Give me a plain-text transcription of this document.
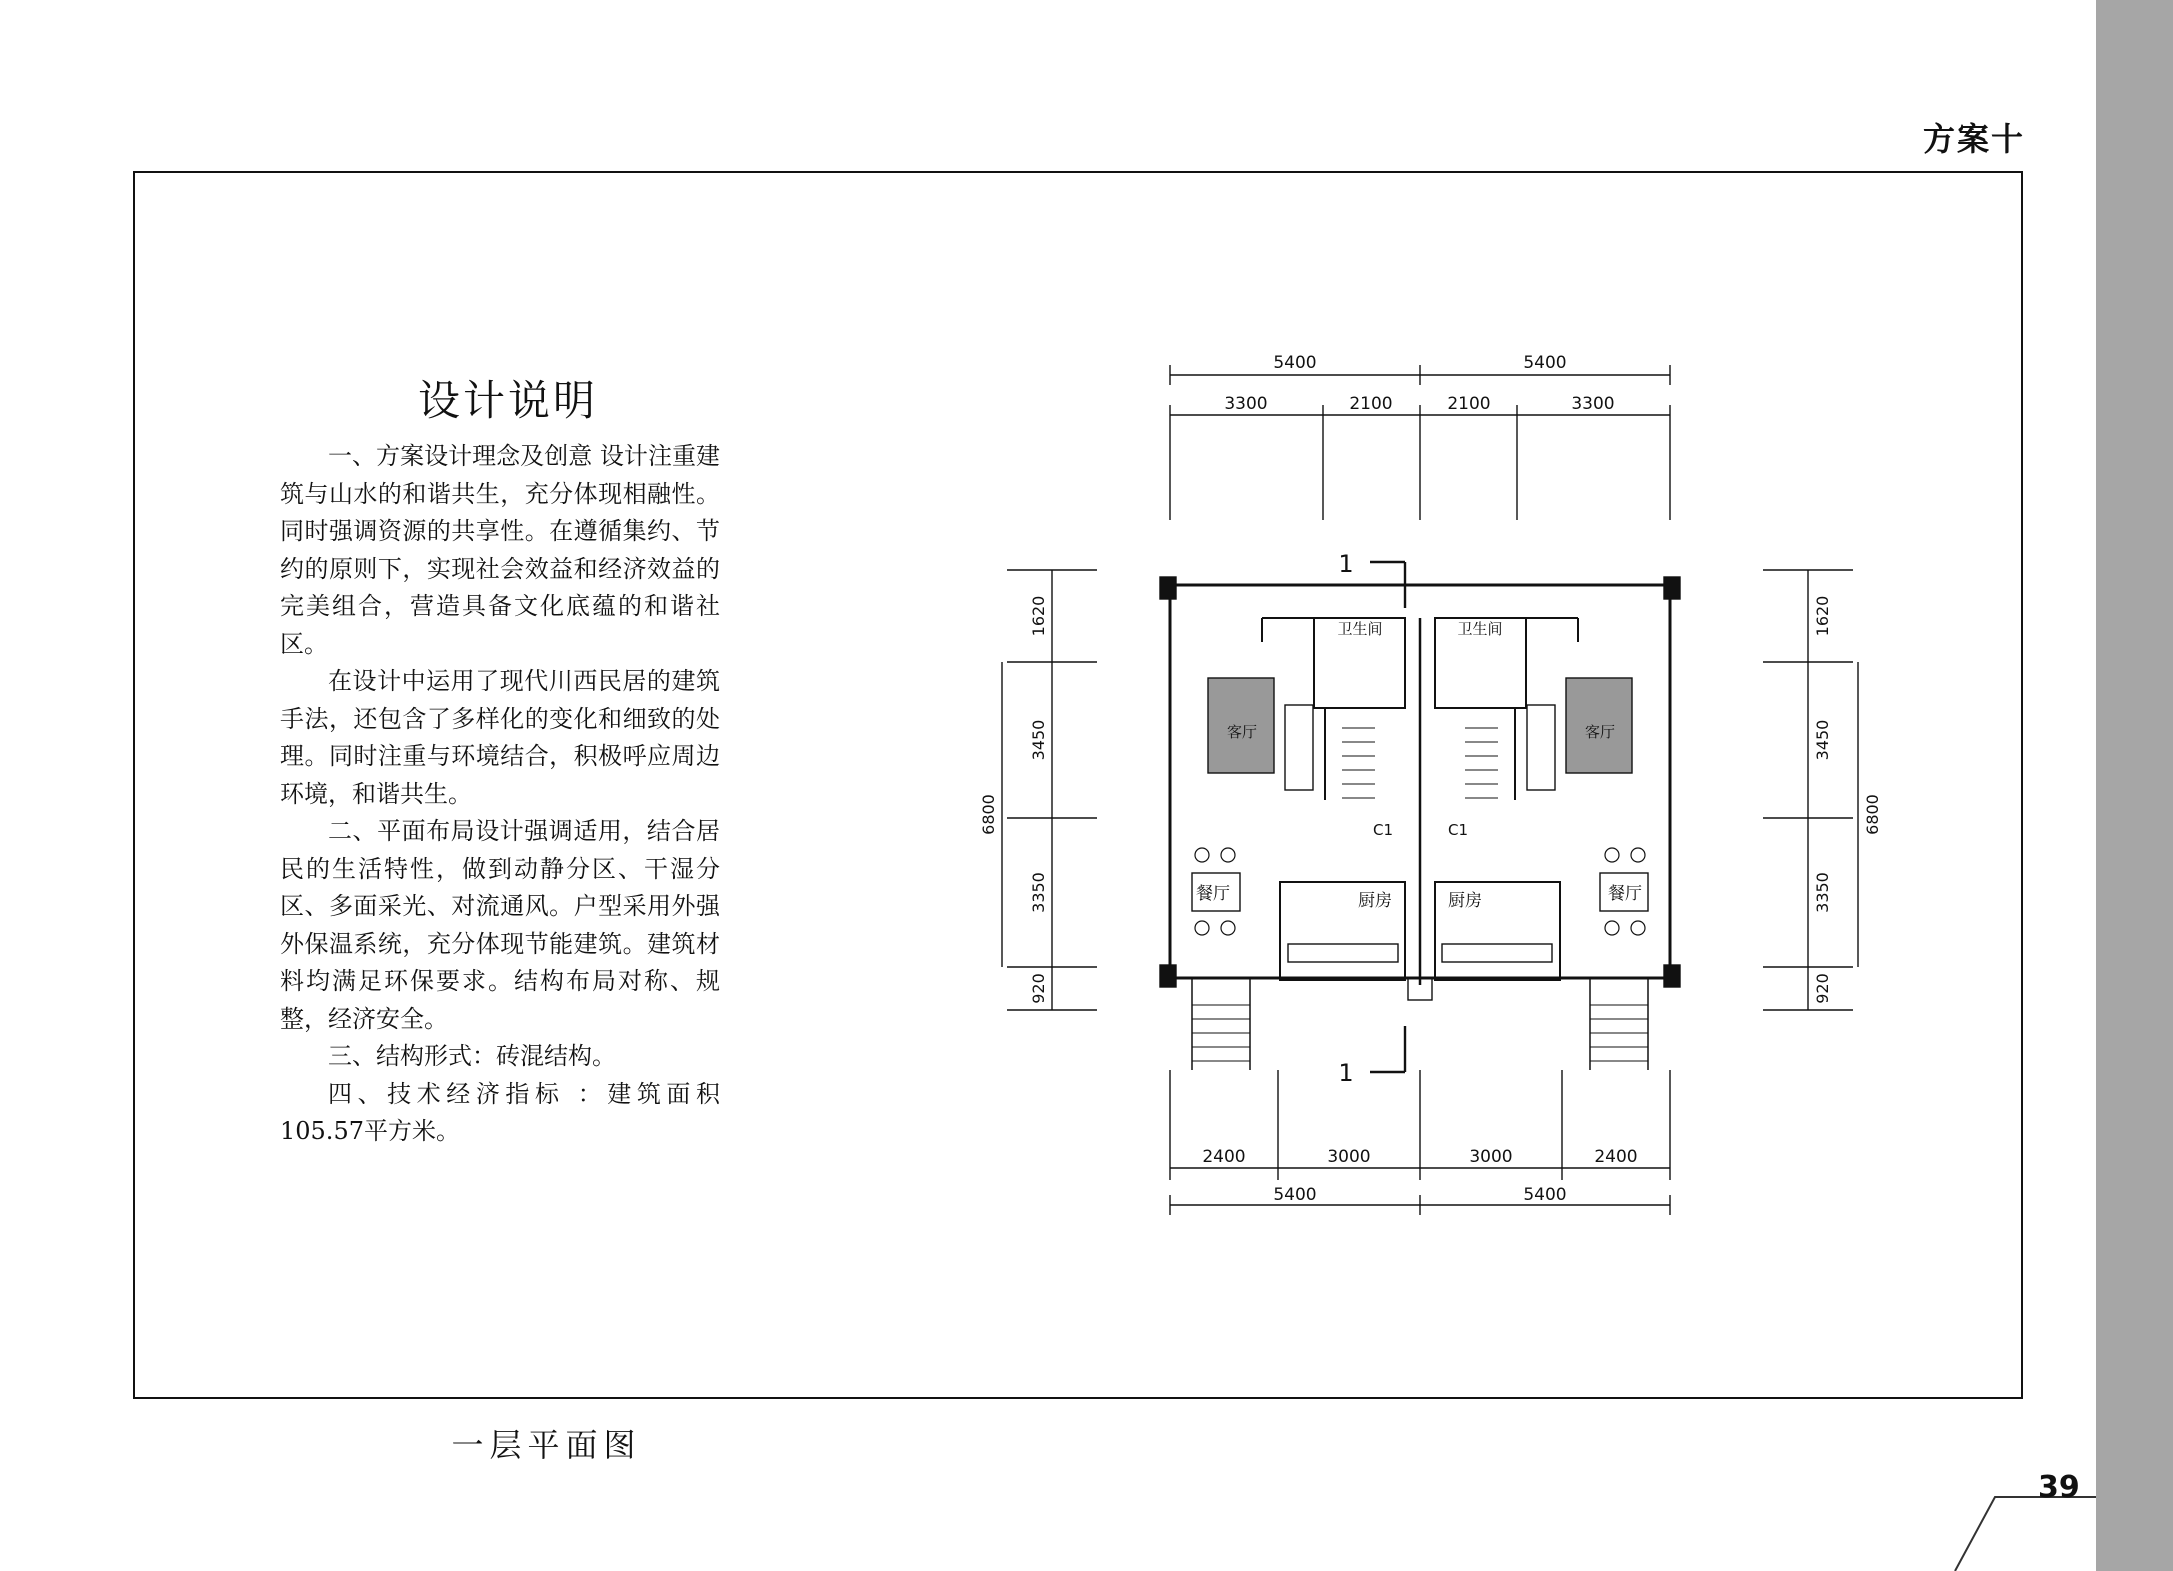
方案十
设计说明

一、方案设计理念及创意 设计注重建筑与山水的和谐共生，充分体现相融性。同时强调资源的共享性。在遵循集约、节约的原则下，实现社会效益和经济效益的完美组合，营造具备文化底蕴的和谐社区。

在设计中运用了现代川西民居的建筑手法，还包含了多样化的变化和细致的处理。同时注重与环境结合，积极呼应周边环境，和谐共生。

二、平面布局设计强调适用，结合居民的生活特性，做到动静分区、干湿分区、多面采光、对流通风。户型采用外强外保温系统，充分体现节能建筑。建筑材料均满足环保要求。结构布局对称、规整，经济安全。

三、结构形式：砖混结构。

四、技术经济指标 ：建筑面积105.57平方米。

5400	5400
3300	2100	2100	3300
2400	3000	3000	2400
5400	5400
1620
3450
3350
920
6800
1620
3450
3350
920
6800
1
1
卫生间	卫生间
客厅	客厅
餐厅	餐厅
厨房	厨房
C1	C1
一层平面图
39
